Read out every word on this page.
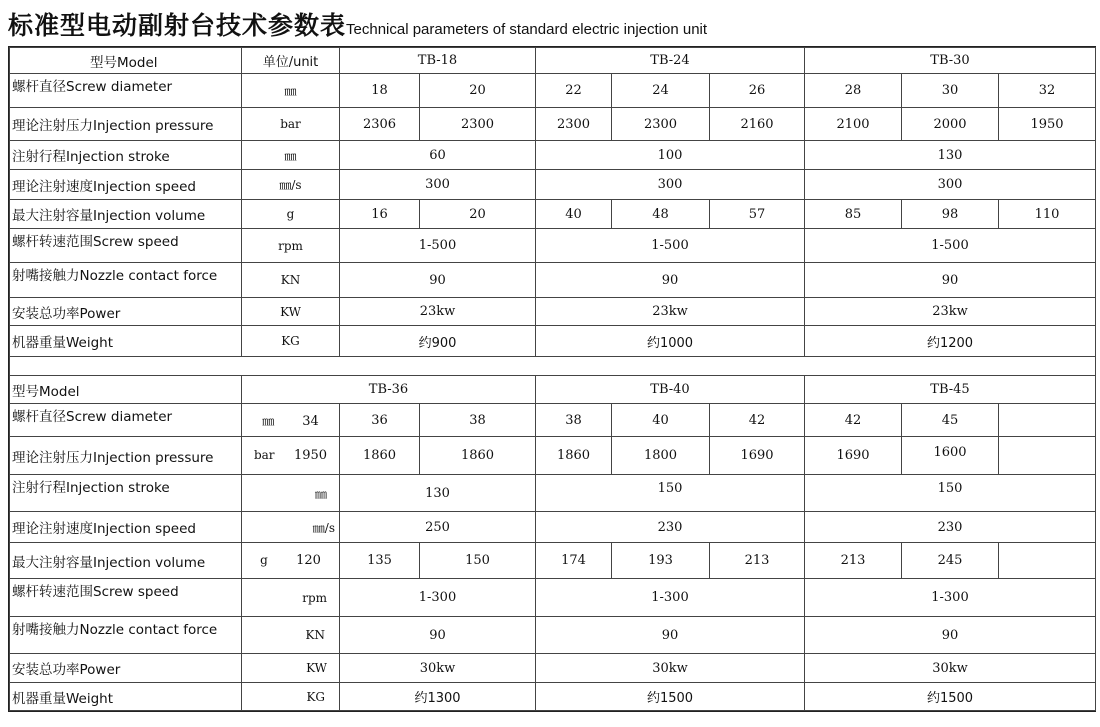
标准型电动副射台技术参数表Technical parameters of standard electric injection unit
型号Model	单位/unit	TB-18		TB-24			TB-30		
螺杆直径Screw diameter	㎜	18	20	22	24	26	28	30	32
理论注射压力Injection pressure	bar	2306	2300	2300	2300	2160	2100	2000	1950
注射行程Injection stroke	㎜	60		100			130		
理论注射速度Injection speed	㎜/s	300		300			300		
最大注射容量Injection volume	g	16	20	40	48	57	85	98	110
螺杆转速范围Screw speed	rpm	1-500		1-500			1-500		
射嘴接触力Nozzle contact force	KN	90		90			90		
安装总功率Power	KW	23kw		23kw			23kw		
机器重量Weight	KG	约900		约1000			约1200		

型号Model	TB-36			TB-40			TB-45		
螺杆直径Screw diameter	㎜ 34	36	38	38	40	42	42	45	
理论注射压力Injection pressure	bar 1950	1860	1860	1860	1800	1690	1690	1600	
注射行程Injection stroke	㎜	130		150			150		
理论注射速度Injection speed	㎜/s	250		230			230		
最大注射容量Injection volume	g 120	135	150	174	193	213	213	245	
螺杆转速范围Screw speed	rpm	1-300		1-300			1-300		
射嘴接触力Nozzle contact force	KN	90		90			90		
安装总功率Power	KW	30kw		30kw			30kw		
机器重量Weight	KG	约1300		约1500			约1500		
